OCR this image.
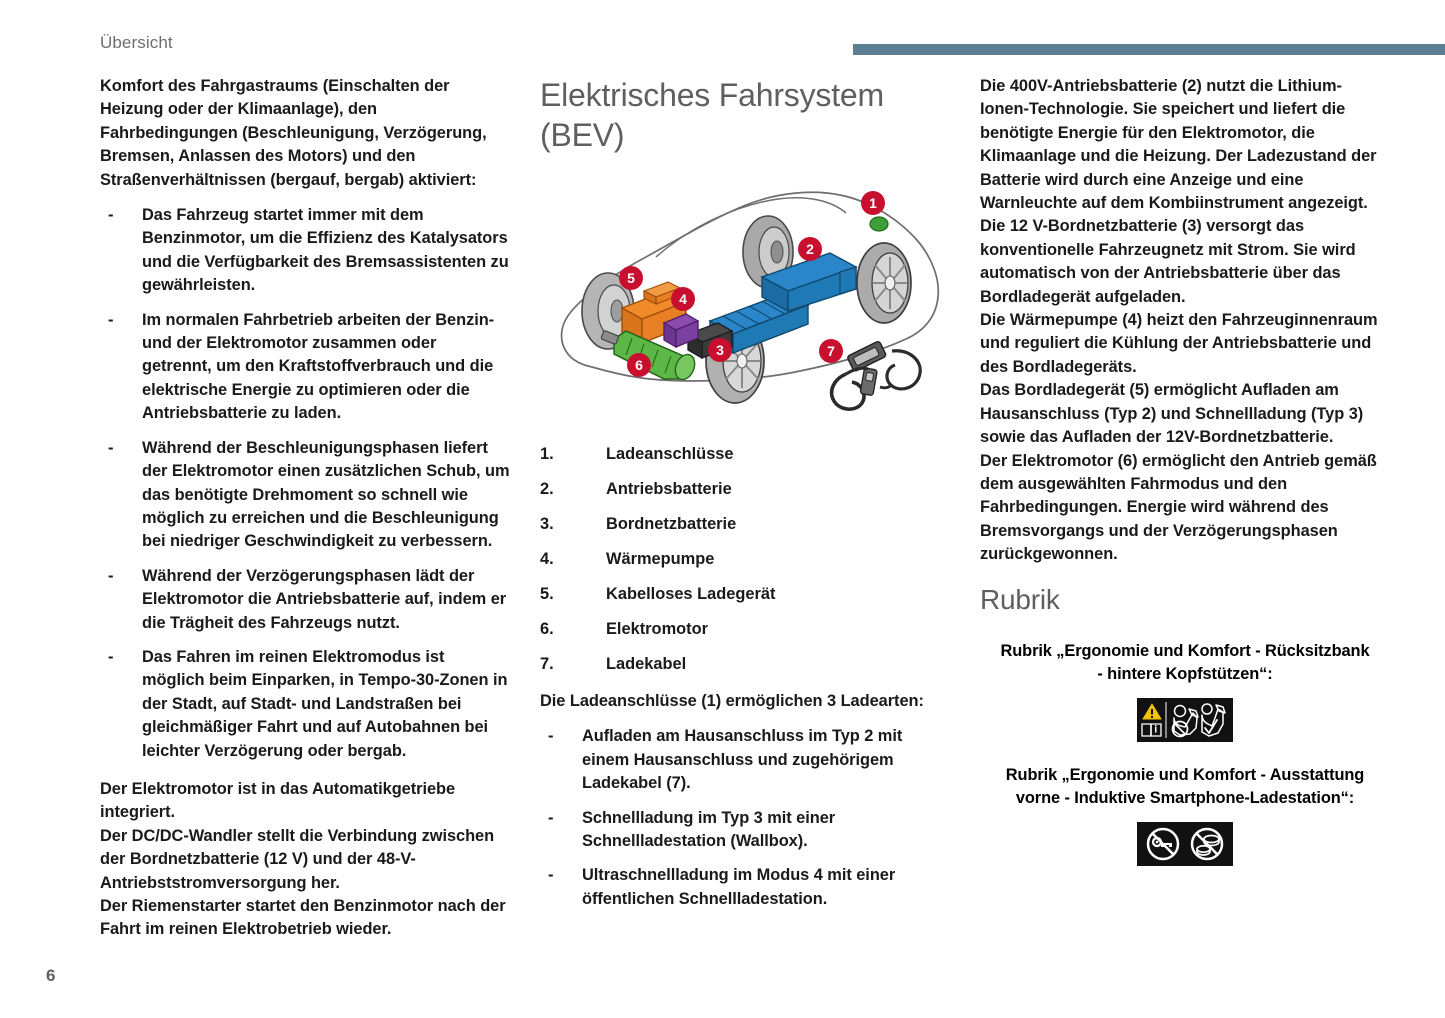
Übersicht

Komfort des Fahrgastraums (Einschalten der Heizung oder der Klimaanlage), den Fahrbedingungen (Beschleunigung, Verzögerung, Bremsen, Anlassen des Motors) und den Straßenverhältnissen (bergauf, bergab) aktiviert:

- Das Fahrzeug startet immer mit dem Benzinmotor, um die Effizienz des Katalysators und die Verfügbarkeit des Bremsassistenten zu gewährleisten.
- Im normalen Fahrbetrieb arbeiten der Benzin- und der Elektromotor zusammen oder getrennt, um den Kraftstoffverbrauch und die elektrische Energie zu optimieren oder die Antriebsbatterie zu laden.
- Während der Beschleunigungsphasen liefert der Elektromotor einen zusätzlichen Schub, um das benötigte Drehmoment so schnell wie möglich zu erreichen und die Beschleunigung bei niedriger Geschwindigkeit zu verbessern.
- Während der Verzögerungsphasen lädt der Elektromotor die Antriebsbatterie auf, indem er die Trägheit des Fahrzeugs nutzt.
- Das Fahren im reinen Elektromodus ist möglich beim Einparken, in Tempo-30-Zonen in der Stadt, auf Stadt- und Landstraßen bei gleichmäßiger Fahrt und auf Autobahnen bei leichter Verzögerung oder bergab.

Der Elektromotor ist in das Automatikgetriebe integriert.

Der DC/DC-Wandler stellt die Verbindung zwischen der Bordnetzbatterie (12 V) und der 48-V-Antriebststromversorgung her.

Der Riemenstarter startet den Benzinmotor nach der Fahrt im reinen Elektrobetrieb wieder.

Elektrisches Fahrsystem (BEV)
1
2
3
4
5
6
7
1.	Ladeanschlüsse
2.	Antriebsbatterie
3.	Bordnetzbatterie
4.	Wärmepumpe
5.	Kabelloses Ladegerät
6.	Elektromotor
7.	Ladekabel

Die Ladeanschlüsse (1) ermöglichen 3 Ladearten:

- Aufladen am Hausanschluss im Typ 2 mit einem Hausanschluss und zugehörigem Ladekabel (7).
- Schnellladung im Typ 3 mit einer Schnellladestation (Wallbox).
- Ultraschnellladung im Modus 4 mit einer öffentlichen Schnellladestation.

Die 400V-Antriebsbatterie (2) nutzt die Lithium-Ionen-Technologie. Sie speichert und liefert die benötigte Energie für den Elektromotor, die Klimaanlage und die Heizung. Der Ladezustand der Batterie wird durch eine Anzeige und eine Warnleuchte auf dem Kombiinstrument angezeigt.

Die 12 V-Bordnetzbatterie (3) versorgt das konventionelle Fahrzeugnetz mit Strom. Sie wird automatisch von der Antriebsbatterie über das Bordladegerät aufgeladen.

Die Wärmepumpe (4) heizt den Fahrzeuginnenraum und reguliert die Kühlung der Antriebsbatterie und des Bordladegeräts.

Das Bordladegerät (5) ermöglicht Aufladen am Hausanschluss (Typ 2) und Schnellladung (Typ 3) sowie das Aufladen der 12V-Bordnetzbatterie.

Der Elektromotor (6) ermöglicht den Antrieb gemäß dem ausgewählten Fahrmodus und den Fahrbedingungen. Energie wird während des Bremsvorgangs und der Verzögerungsphasen zurückgewonnen.

Rubrik
Rubrik „Ergonomie und Komfort - Rücksitzbank - hintere Kopfstützen“:
Rubrik „Ergonomie und Komfort - Ausstattung vorne - Induktive Smartphone-Ladestation“:
6
